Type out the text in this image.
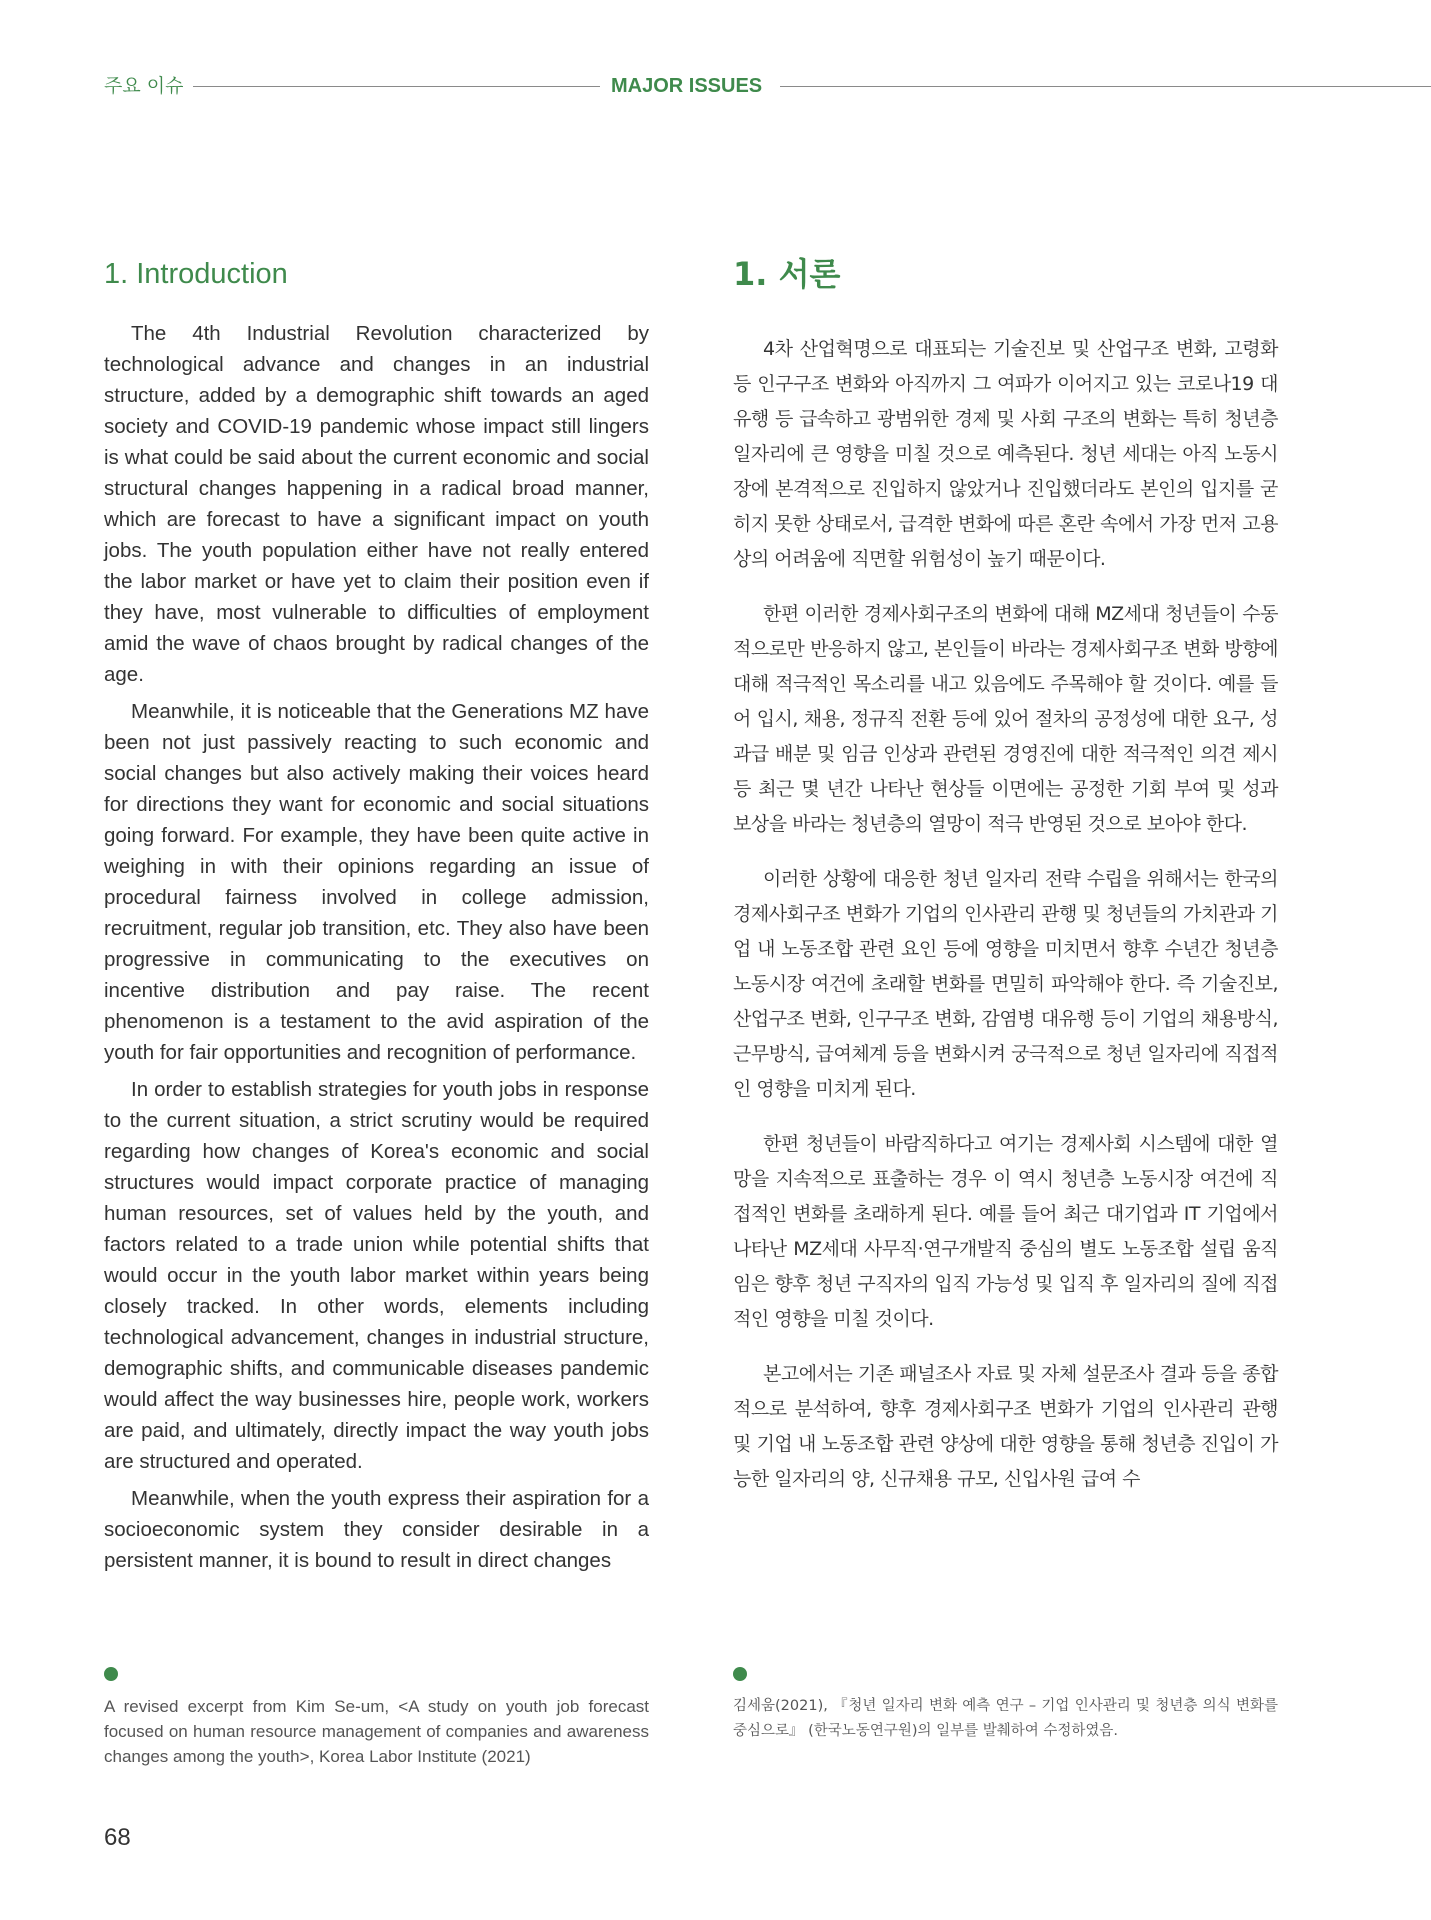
주요 이슈	MAJOR ISSUES
1. Introduction	1. 서론

The 4th Industrial Revolution characterized by technological advance and changes in an industrial structure, added by a demographic shift towards an aged society and COVID-19 pandemic whose impact still lingers is what could be said about the current economic and social structural changes happening in a radical broad manner, which are forecast to have a significant impact on youth jobs. The youth population either have not really entered the labor market or have yet to claim their position even if they have, most vulnerable to difficulties of employment amid the wave of chaos brought by radical changes of the age.

Meanwhile, it is noticeable that the Generations MZ have been not just passively reacting to such economic and social changes but also actively making their voices heard for directions they want for economic and social situations going forward. For example, they have been quite active in weighing in with their opinions regarding an issue of procedural fairness involved in college admission, recruitment, regular job transition, etc. They also have been progressive in communicating to the executives on incentive distribution and pay raise. The recent phenomenon is a testament to the avid aspiration of the youth for fair opportunities and recognition of performance.

In order to establish strategies for youth jobs in response to the current situation, a strict scrutiny would be required regarding how changes of Korea's economic and social structures would impact corporate practice of managing human resources, set of values held by the youth, and factors related to a trade union while potential shifts that would occur in the youth labor market within years being closely tracked. In other words, elements including technological advancement, changes in industrial structure, demographic shifts, and communicable diseases pandemic would affect the way businesses hire, people work, workers are paid, and ultimately, directly impact the way youth jobs are structured and operated.

Meanwhile, when the youth express their aspiration for a socioeconomic system they consider desirable in a persistent manner, it is bound to result in direct changes

4차 산업혁명으로 대표되는 기술진보 및 산업구조 변화, 고령화 등 인구구조 변화와 아직까지 그 여파가 이어지고 있는 코로나19 대유행 등 급속하고 광범위한 경제 및 사회 구조의 변화는 특히 청년층 일자리에 큰 영향을 미칠 것으로 예측된다. 청년 세대는 아직 노동시장에 본격적으로 진입하지 않았거나 진입했더라도 본인의 입지를 굳히지 못한 상태로서, 급격한 변화에 따른 혼란 속에서 가장 먼저 고용상의 어려움에 직면할 위험성이 높기 때문이다.

한편 이러한 경제사회구조의 변화에 대해 MZ세대 청년들이 수동적으로만 반응하지 않고, 본인들이 바라는 경제사회구조 변화 방향에 대해 적극적인 목소리를 내고 있음에도 주목해야 할 것이다. 예를 들어 입시, 채용, 정규직 전환 등에 있어 절차의 공정성에 대한 요구, 성과급 배분 및 임금 인상과 관련된 경영진에 대한 적극적인 의견 제시 등 최근 몇 년간 나타난 현상들 이면에는 공정한 기회 부여 및 성과 보상을 바라는 청년층의 열망이 적극 반영된 것으로 보아야 한다.

이러한 상황에 대응한 청년 일자리 전략 수립을 위해서는 한국의 경제사회구조 변화가 기업의 인사관리 관행 및 청년들의 가치관과 기업 내 노동조합 관련 요인 등에 영향을 미치면서 향후 수년간 청년층 노동시장 여건에 초래할 변화를 면밀히 파악해야 한다. 즉 기술진보, 산업구조 변화, 인구구조 변화, 감염병 대유행 등이 기업의 채용방식, 근무방식, 급여체계 등을 변화시켜 궁극적으로 청년 일자리에 직접적인 영향을 미치게 된다.

한편 청년들이 바람직하다고 여기는 경제사회 시스템에 대한 열망을 지속적으로 표출하는 경우 이 역시 청년층 노동시장 여건에 직접적인 변화를 초래하게 된다. 예를 들어 최근 대기업과 IT 기업에서 나타난 MZ세대 사무직·연구개발직 중심의 별도 노동조합 설립 움직임은 향후 청년 구직자의 입직 가능성 및 입직 후 일자리의 질에 직접적인 영향을 미칠 것이다.

본고에서는 기존 패널조사 자료 및 자체 설문조사 결과 등을 종합적으로 분석하여, 향후 경제사회구조 변화가 기업의 인사관리 관행 및 기업 내 노동조합 관련 양상에 대한 영향을 통해 청년층 진입이 가능한 일자리의 양, 신규채용 규모, 신입사원 급여 수

A revised excerpt from Kim Se-um, <A study on youth job forecast focused on human resource management of companies and awareness changes among the youth>, Korea Labor Institute (2021)

김세움(2021), 『청년 일자리 변화 예측 연구 – 기업 인사관리 및 청년층 의식 변화를 중심으로』 (한국노동연구원)의 일부를 발췌하여 수정하였음.

68
